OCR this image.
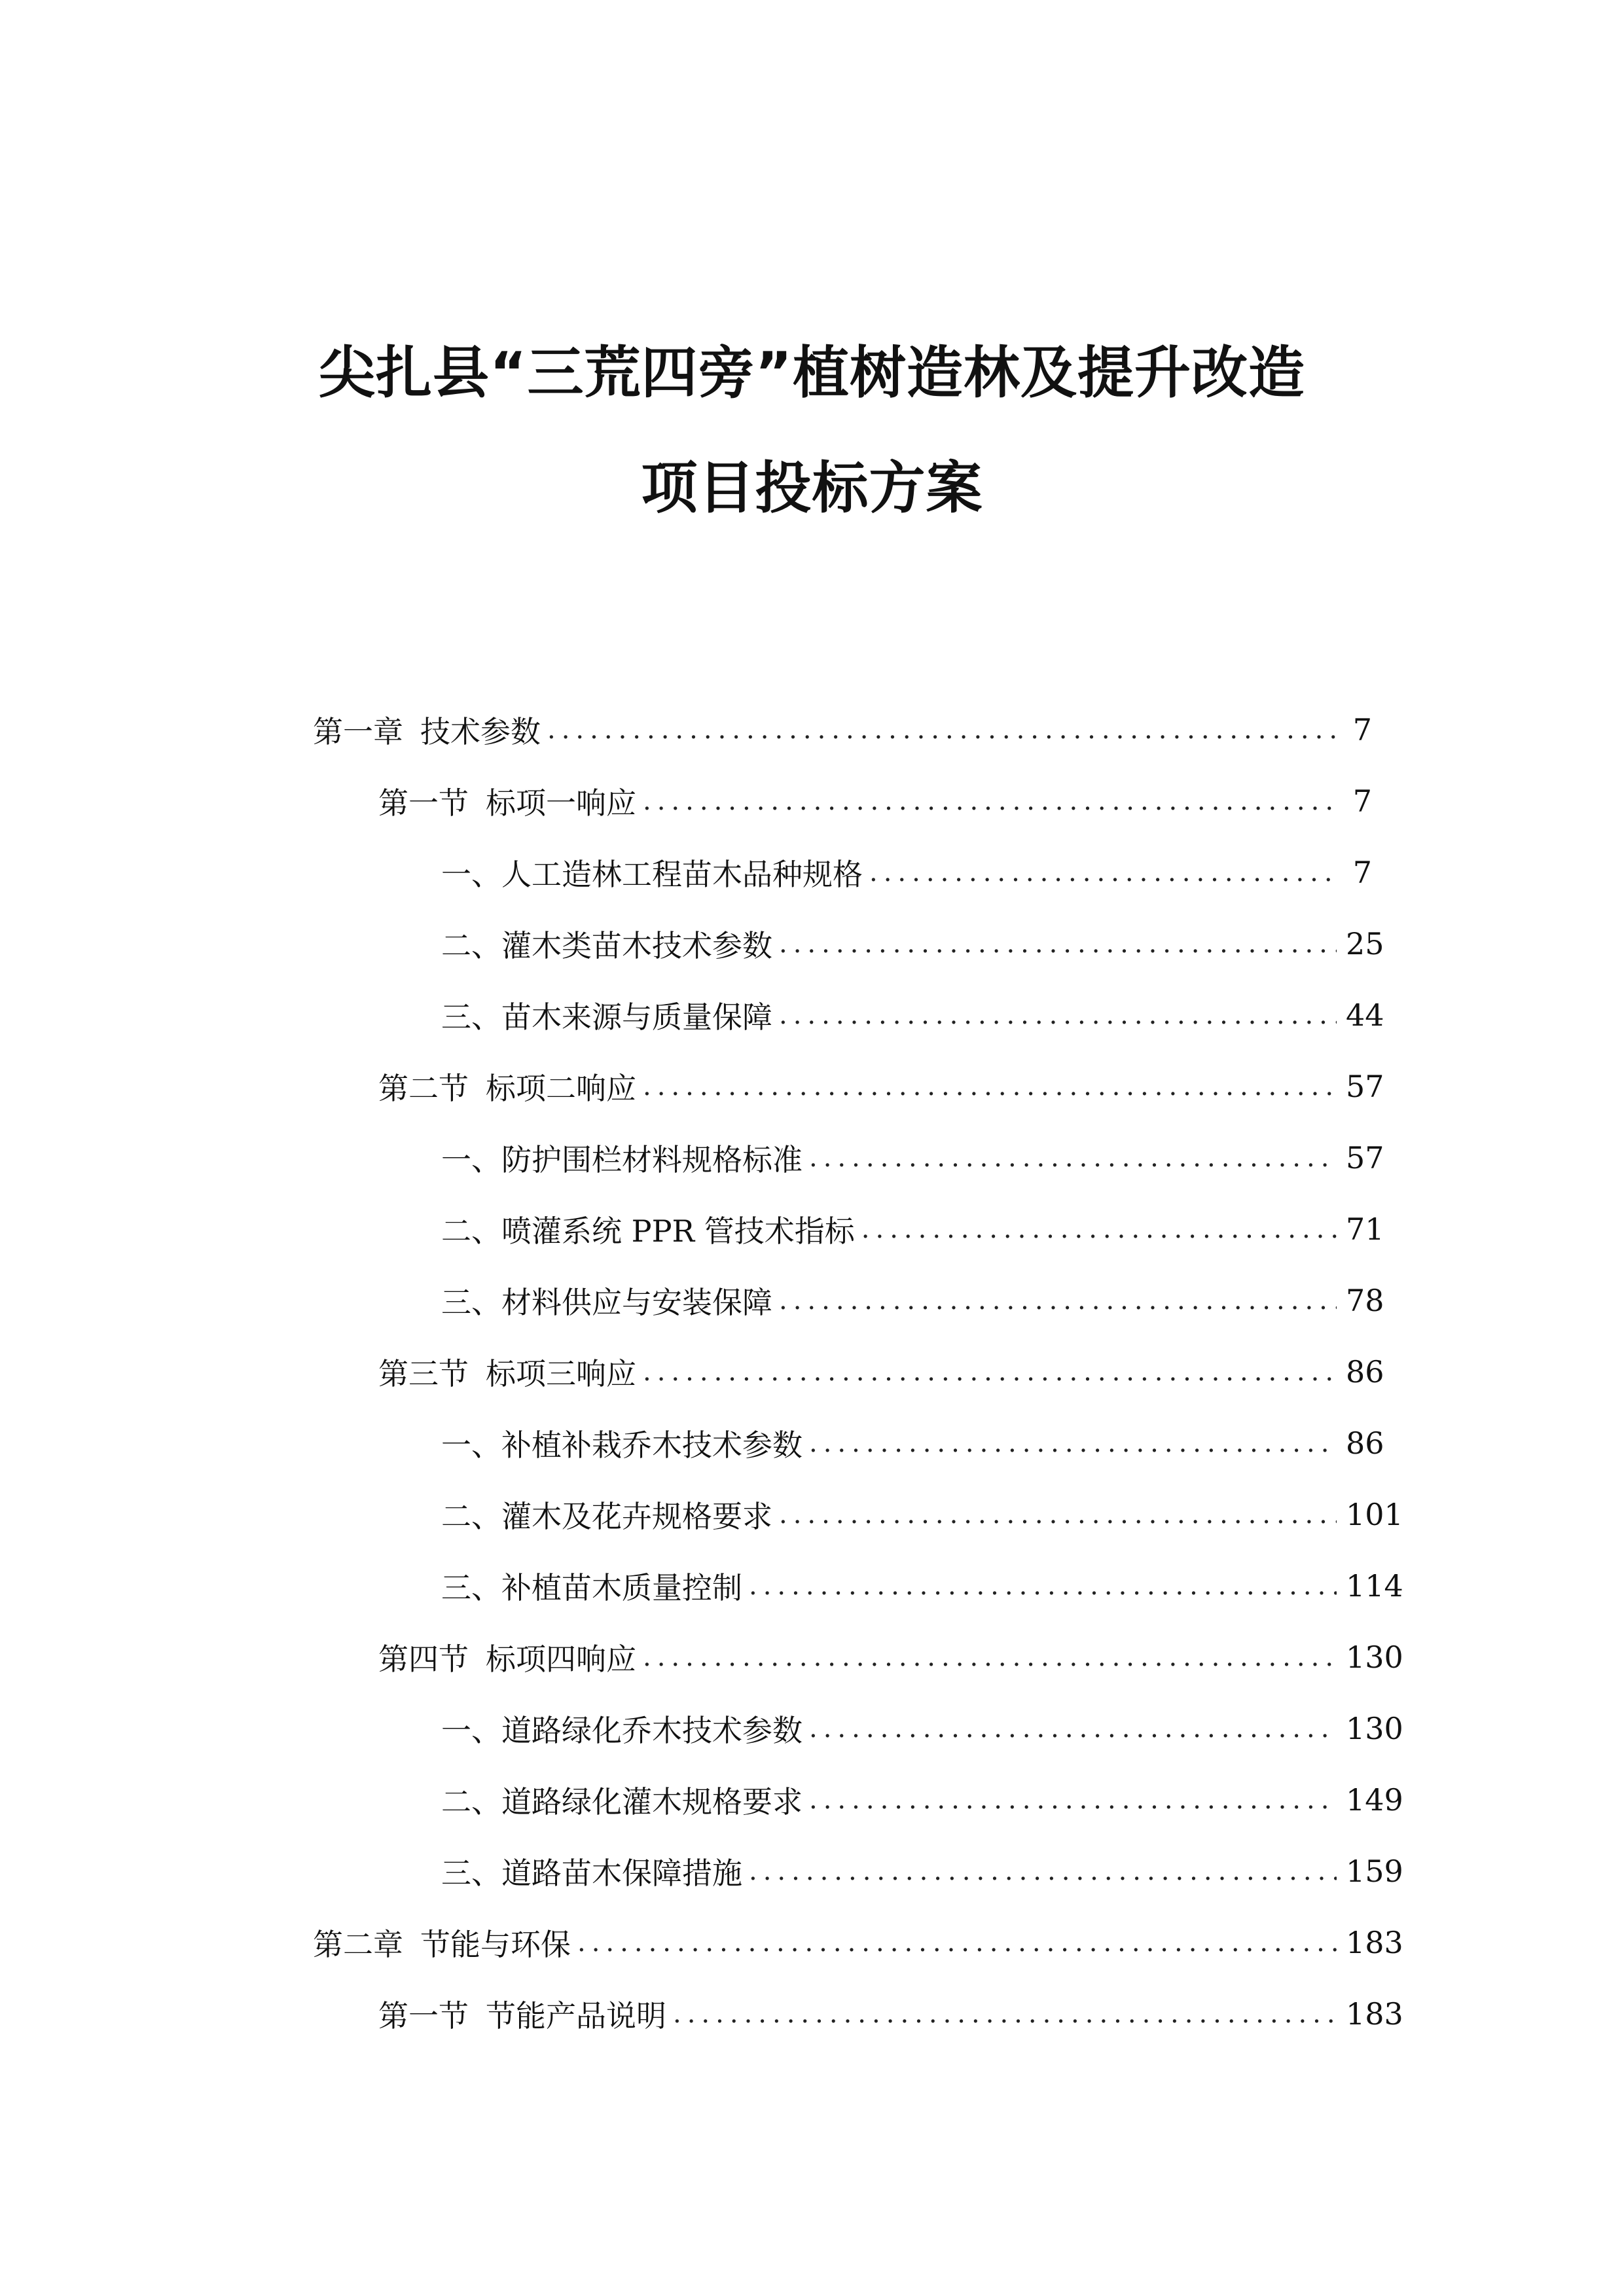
尖扎县“三荒四旁”植树造林及提升改造
项目投标方案
第一章 技术参数 .....	7
第一节 标项一响应 .....	7
一、 人工造林工程苗木品种规格 .....	7
二、 灌木类苗木技术参数 .....	25
三、 苗木来源与质量保障 .....	44
第二节 标项二响应 .....	57
一、 防护围栏材料规格标准 .....	57
二、 喷灌系统 PPR 管技术指标 .....	71
三、 材料供应与安装保障 .....	78
第三节 标项三响应 .....	86
一、 补植补栽乔木技术参数 .....	86
二、 灌木及花卉规格要求 .....	101
三、 补植苗木质量控制 .....	114
第四节 标项四响应 .....	130
一、 道路绿化乔木技术参数 .....	130
二、 道路绿化灌木规格要求 .....	149
三、 道路苗木保障措施 .....	159
第二章 节能与环保 .....	183
第一节 节能产品说明 .....	183
